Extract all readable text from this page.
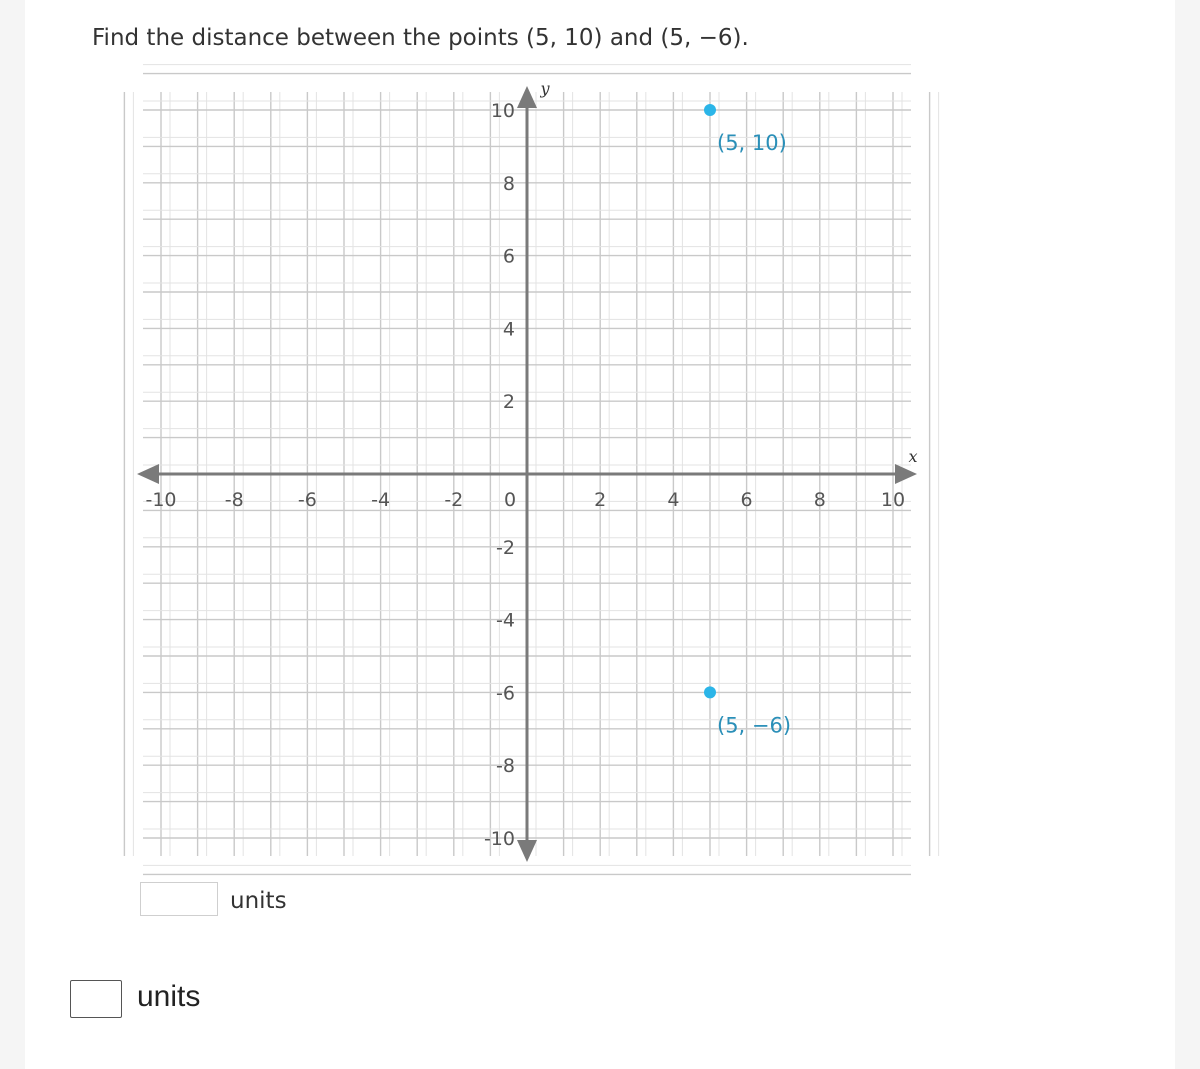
Find the distance between the points (5, 10) and (5, −6).
x
y
-10	-8	-6	-4	-2 0	2	4	6	8	10
10
8
6
4
2
-2
-4
-6
-8
-10
(5, 10)
(5, −6)
units
units
